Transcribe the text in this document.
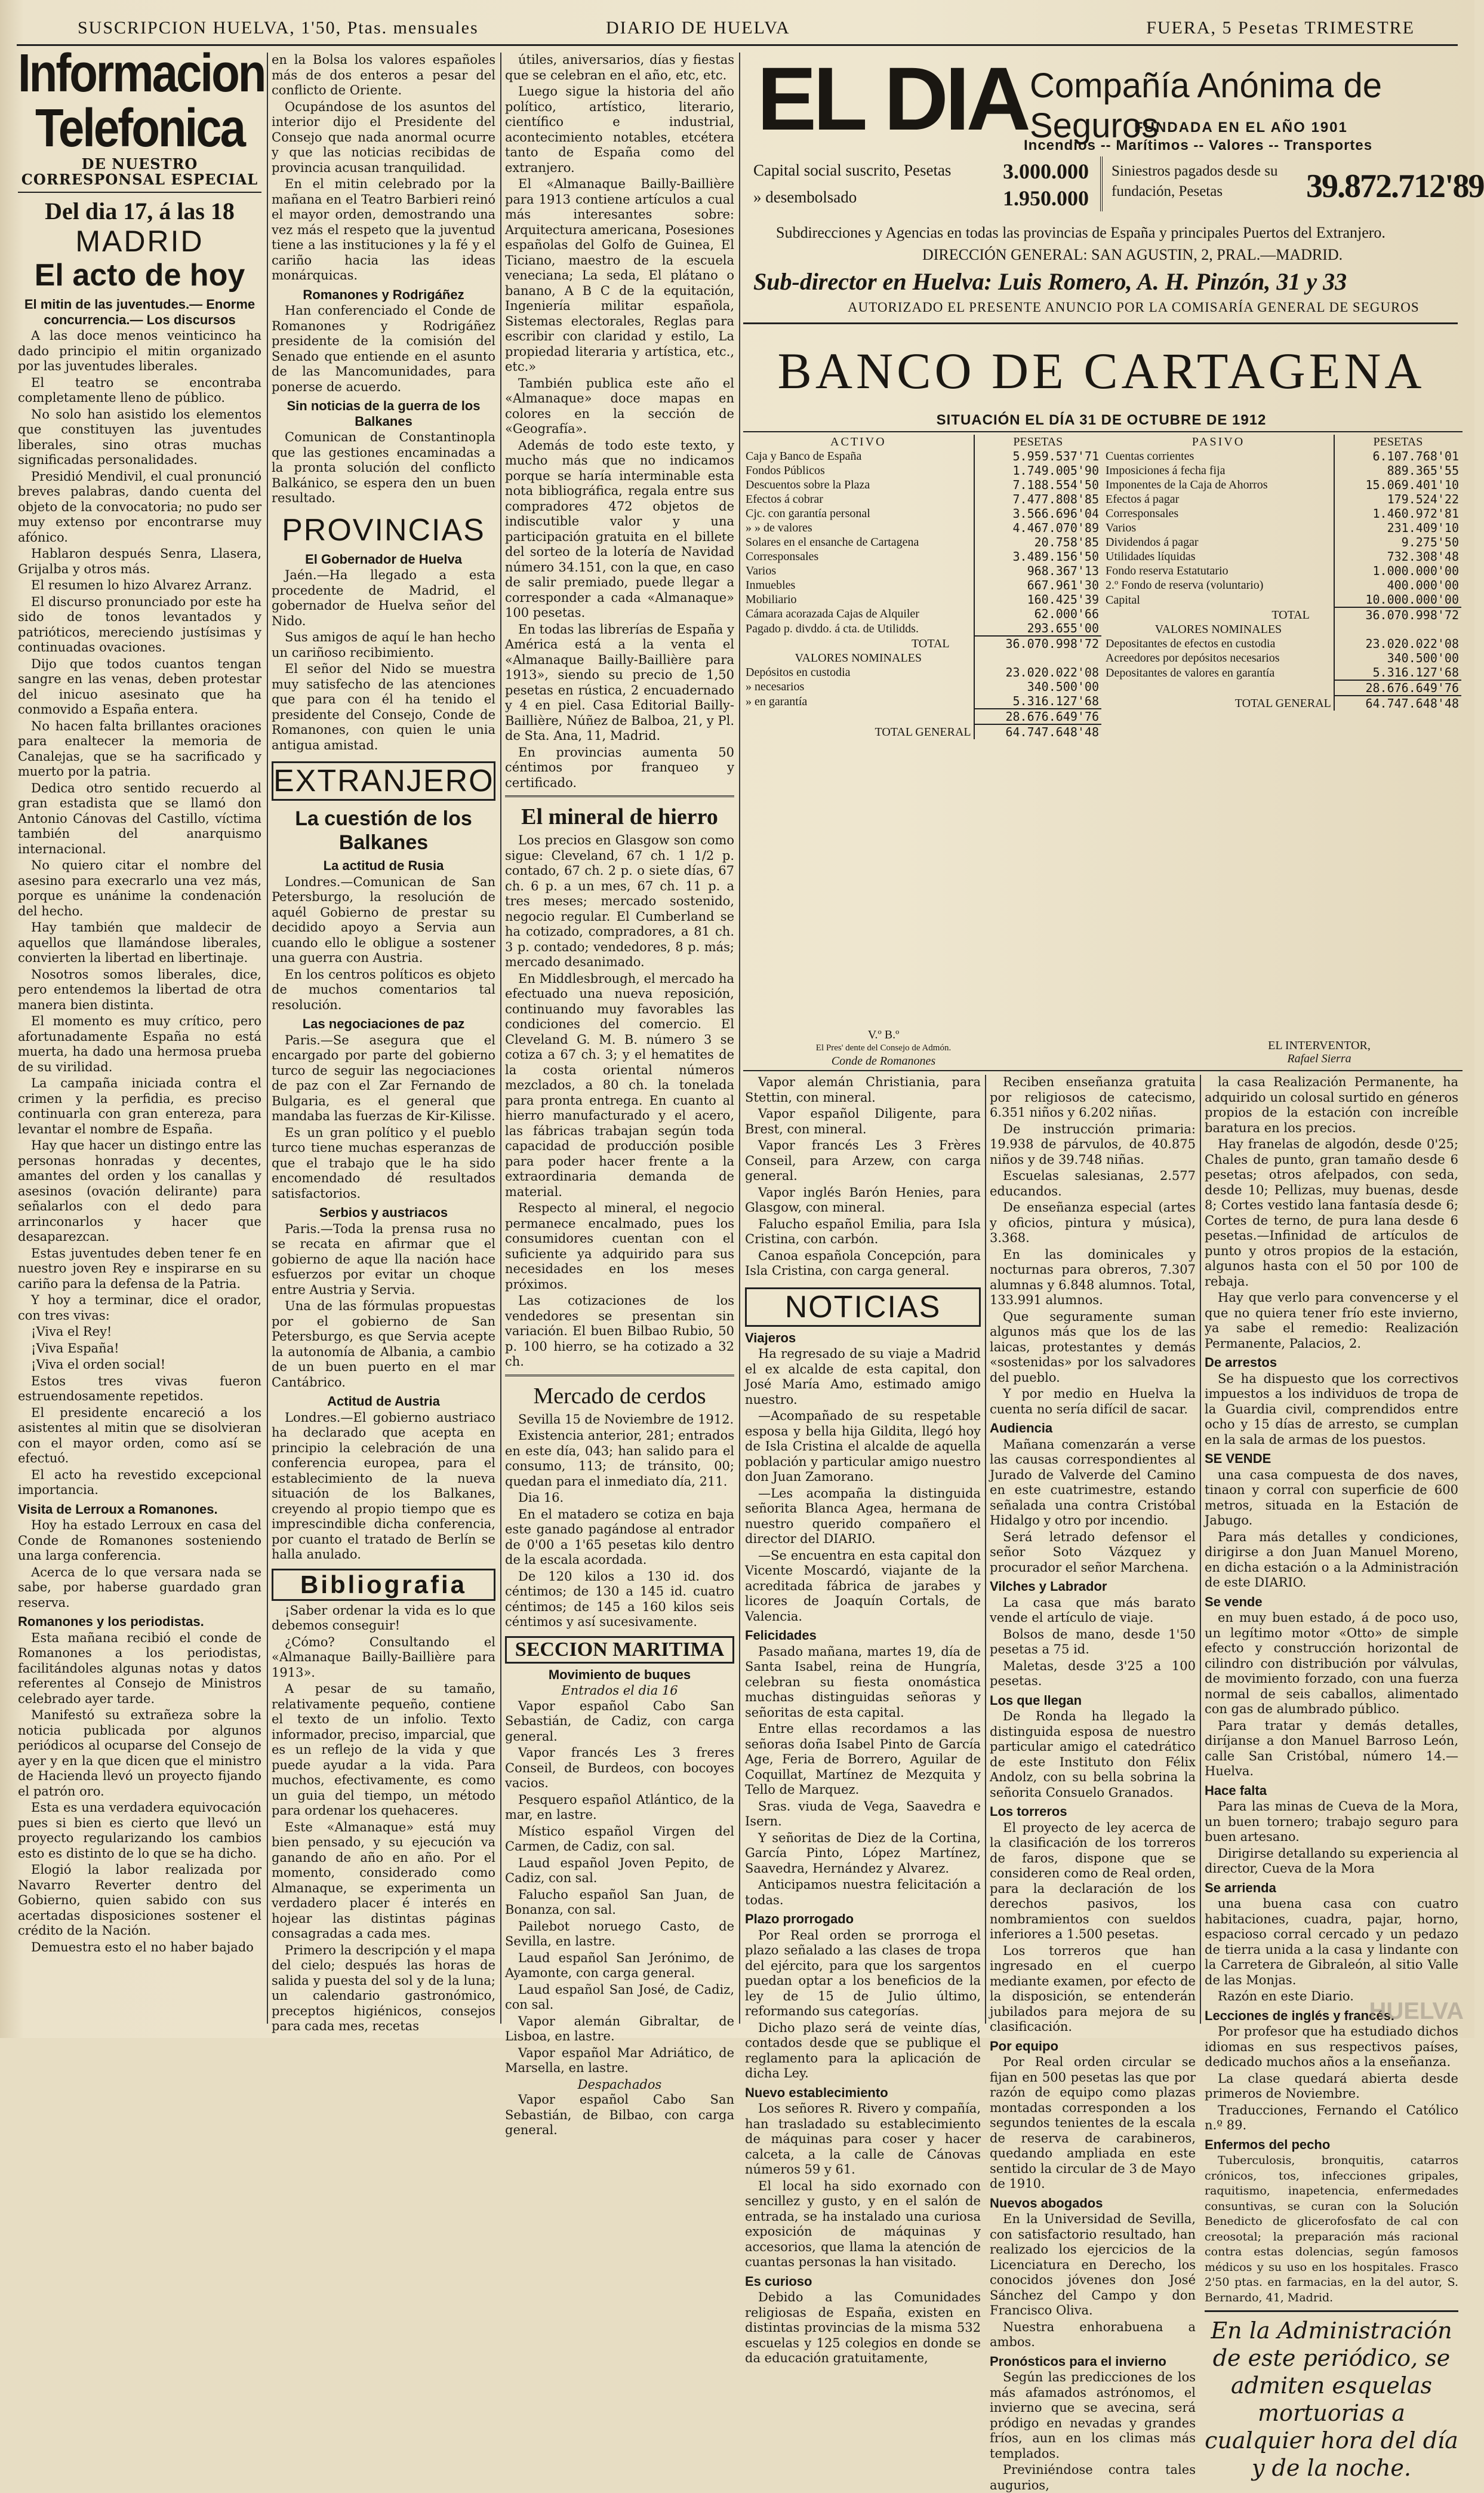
SUSCRIPCION HUELVA, 1'50, Ptas. mensuales	DIARIO DE HUELVA	FUERA, 5 Pesetas TRIMESTRE
Informacion Telefonica
DE NUESTRO CORRESPONSAL ESPECIAL
Del dia 17, á las 18
MADRID
El acto de hoy
El mitin de las juventudes.— Enorme concurrencia.— Los discursos

A las doce menos veinticinco ha dado principio el mitin organizado por las juventudes liberales.

El teatro se encontraba completamente lleno de público.

No solo han asistido los elementos que constituyen las juventudes liberales, sino otras muchas significadas personalidades.

Presidió Mendivil, el cual pronunció breves palabras, dando cuenta del objeto de la convocatoria; no pudo ser muy extenso por encontrarse muy afónico.

Hablaron después Senra, Llasera, Grijalba y otros más.

El resumen lo hizo Alvarez Arranz.

El discurso pronunciado por este ha sido de tonos levantados y patrióticos, mereciendo justísimas y continuadas ovaciones.

Dijo que todos cuantos tengan sangre en las venas, deben protestar del inicuo asesinato que ha conmovido a España entera.

No hacen falta brillantes oraciones para enaltecer la memoria de Canalejas, que se ha sacrificado y muerto por la patria.

Dedica otro sentido recuerdo al gran estadista que se llamó don Antonio Cánovas del Castillo, víctima también del anarquismo internacional.

No quiero citar el nombre del asesino para execrarlo una vez más, porque es unánime la condenación del hecho.

Hay también que maldecir de aquellos que llamándose liberales, convierten la libertad en libertinaje.

Nosotros somos liberales, dice, pero entendemos la libertad de otra manera bien distinta.

El momento es muy crítico, pero afortunadamente España no está muerta, ha dado una hermosa prueba de su virilidad.

La campaña iniciada contra el crimen y la perfidia, es preciso continuarla con gran entereza, para levantar el nombre de España.

Hay que hacer un distingo entre las personas honradas y decentes, amantes del orden y los canallas y asesinos (ovación delirante) para señalarlos con el dedo para arrinconarlos y hacer que desaparezcan.

Estas juventudes deben tener fe en nuestro joven Rey e inspirarse en su cariño para la defensa de la Patria.

Y hoy a terminar, dice el orador, con tres vivas:

¡Viva el Rey!

¡Viva España!

¡Viva el orden social!

Estos tres vivas fueron estruendosamente repetidos.

El presidente encareció a los asistentes al mitin que se disolvieran con el mayor orden, como así se efectuó.

El acto ha revestido excepcional importancia.

Visita de Lerroux a Romanones.

Hoy ha estado Lerroux en casa del Conde de Romanones sosteniendo una larga conferencia.

Acerca de lo que versara nada se sabe, por haberse guardado gran reserva.

Romanones y los periodistas.

Esta mañana recibió el conde de Romanones a los periodistas, facilitándoles algunas notas y datos referentes al Consejo de Ministros celebrado ayer tarde.

Manifestó su extrañeza sobre la noticia publicada por algunos periódicos al ocuparse del Consejo de ayer y en la que dicen que el ministro de Hacienda llevó un proyecto fijando el patrón oro.

Esta es una verdadera equivocación pues si bien es cierto que llevó un proyecto regularizando los cambios esto es distinto de lo que se ha dicho.

Elogió la labor realizada por Navarro Reverter dentro del Gobierno, quien sabido con sus acertadas disposiciones sostener el crédito de la Nación.

Demuestra esto el no haber bajado

en la Bolsa los valores españoles más de dos enteros a pesar del conflicto de Oriente.

Ocupándose de los asuntos del interior dijo el Presidente del Consejo que nada anormal ocurre y que las noticias recibidas de provincia acusan tranquilidad.

En el mitin celebrado por la mañana en el Teatro Barbieri reinó el mayor orden, demostrando una vez más el respeto que la juventud tiene a las instituciones y la fé y el cariño hacia las ideas monárquicas.

Romanones y Rodrigáñez

Han conferenciado el Conde de Romanones y Rodrigáñez presidente de la comisión del Senado que entiende en el asunto de las Mancomunidades, para ponerse de acuerdo.

Sin noticias de la guerra de los Balkanes

Comunican de Constantinopla que las gestiones encaminadas a la pronta solución del conflicto Balkánico, se espera den un buen resultado.

PROVINCIAS
El Gobernador de Huelva

Jaén.—Ha llegado a esta procedente de Madrid, el gobernador de Huelva señor del Nido.

Sus amigos de aquí le han hecho un cariñoso recibimiento.

El señor del Nido se muestra muy satisfecho de las atenciones que para con él ha tenido el presidente del Consejo, Conde de Romanones, con quien le unia antigua amistad.

EXTRANJERO
La cuestión de los Balkanes
La actitud de Rusia

Londres.—Comunican de San Petersburgo, la resolución de aquél Gobierno de prestar su decidido apoyo a Servia aun cuando ello le obligue a sostener una guerra con Austria.

En los centros políticos es objeto de muchos comentarios tal resolución.

Las negociaciones de paz

Paris.—Se asegura que el encargado por parte del gobierno turco de seguir las negociaciones de paz con el Zar Fernando de Bulgaria, es el general que mandaba las fuerzas de Kir-Kilisse.

Es un gran político y el pueblo turco tiene muchas esperanzas de que el trabajo que le ha sido encomendado dé resultados satisfactorios.

Serbios y austriacos

Paris.—Toda la prensa rusa no se recata en afirmar que el gobierno de aque lla nación hace esfuerzos por evitar un choque entre Austria y Servia.

Una de las fórmulas propuestas por el gobierno de San Petersburgo, es que Servia acepte la autonomía de Albania, a cambio de un buen puerto en el mar Cantábrico.

Actitud de Austria

Londres.—El gobierno austriaco ha declarado que acepta en principio la celebración de una conferencia europea, para el establecimiento de la nueva situación de los Balkanes, creyendo al propio tiempo que es imprescindible dicha conferencia, por cuanto el tratado de Berlín se halla anulado.

Bibliografia

¡Saber ordenar la vida es lo que debemos conseguir!

¿Cómo? Consultando el «Almanaque Bailly-Baillière para 1913».

A pesar de su tamaño, relativamente pequeño, contiene el texto de un infolio. Texto informador, preciso, imparcial, que es un reflejo de la vida y que puede ayudar a la vida. Para muchos, efectivamente, es como un guia del tiempo, un método para ordenar los quehaceres.

Este «Almanaque» está muy bien pensado, y su ejecución va ganando de año en año. Por el momento, considerado como Almanaque, se experimenta un verdadero placer é interés en hojear las distintas páginas consagradas a cada mes.

Primero la descripción y el mapa del cielo; después las horas de salida y puesta del sol y de la luna; un calendario gastronómico, preceptos higiénicos, consejos para cada mes, recetas

útiles, aniversarios, días y fiestas que se celebran en el año, etc, etc.

Luego sigue la historia del año político, artístico, literario, científico e industrial, acontecimiento notables, etcétera tanto de España como del extranjero.

El «Almanaque Bailly-Baillière para 1913 contiene artículos a cual más interesantes sobre: Arquitectura americana, Posesiones españolas del Golfo de Guinea, El Ticiano, maestro de la escuela veneciana; La seda, El plátano o banano, A B C de la equitación, Ingeniería militar española, Sistemas electorales, Reglas para escribir con claridad y estilo, La propiedad literaria y artística, etc., etc.»

También publica este año el «Almanaque» doce mapas en colores en la sección de «Geografía».

Además de todo este texto, y mucho más que no indicamos porque se haría interminable esta nota bibliográfica, regala entre sus compradores 472 objetos de indiscutible valor y una participación gratuita en el billete del sorteo de la lotería de Navidad número 34.151, con la que, en caso de salir premiado, puede llegar a corresponder a cada «Almanaque» 100 pesetas.

En todas las librerías de España y América está a la venta el «Almanaque Bailly-Baillière para 1913», siendo su precio de 1,50 pesetas en rústica, 2 encuadernado y 4 en piel. Casa Editorial Bailly-Baillière, Núñez de Balboa, 21, y Pl. de Sta. Ana, 11, Madrid.

En provincias aumenta 50 céntimos por franqueo y certificado.

El mineral de hierro

Los precios en Glasgow son como sigue: Cleveland, 67 ch. 1 1/2 p. contado, 67 ch. 2 p. o siete días, 67 ch. 6 p. a un mes, 67 ch. 11 p. a tres meses; mercado sostenido, negocio regular. El Cumberland se ha cotizado, compradores, a 81 ch. 3 p. contado; vendedores, 8 p. más; mercado desanimado.

En Middlesbrough, el mercado ha efectuado una nueva reposición, continuando muy favorables las condiciones del comercio. El Cleveland G. M. B. número 3 se cotiza a 67 ch. 3; y el hematites de la costa oriental números mezclados, a 80 ch. la tonelada para pronta entrega. En cuanto al hierro manufacturado y el acero, las fábricas trabajan según toda capacidad de producción posible para poder hacer frente a la extraordinaria demanda de material.

Respecto al mineral, el negocio permanece encalmado, pues los consumidores cuentan con el suficiente ya adquirido para sus necesidades en los meses próximos.

Las cotizaciones de los vendedores se presentan sin variación. El buen Bilbao Rubio, 50 p. 100 hierro, se ha cotizado a 32 ch.

Mercado de cerdos

Sevilla 15 de Noviembre de 1912.

Existencia anterior, 281; entrados en este día, 043; han salido para el consumo, 113; de tránsito, 00; quedan para el inmediato día, 211.

Dia 16.

En el matadero se cotiza en baja este ganado pagándose al entrador de 0'00 a 1'65 pesetas kilo dentro de la escala acordada.

De 120 kilos a 130 id. dos céntimos; de 130 a 145 id. cuatro céntimos; de 145 a 160 kilos seis céntimos y así sucesivamente.

SECCION MARITIMA
Movimiento de buques
Entrados el dia 16

Vapor español Cabo San Sebastián, de Cadiz, con carga general.

Vapor francés Les 3 freres Conseil, de Burdeos, con bocoyes vacios.

Pesquero español Atlántico, de la mar, en lastre.

Místico español Virgen del Carmen, de Cadiz, con sal.

Laud español Joven Pepito, de Cadiz, con sal.

Falucho español San Juan, de Bonanza, con sal.

Pailebot noruego Casto, de Sevilla, en lastre.

Laud español San Jerónimo, de Ayamonte, con carga general.

Laud español San José, de Cadiz, con sal.

Vapor alemán Gibraltar, de Lisboa, en lastre.

Vapor español Mar Adriático, de Marsella, en lastre.

Despachados

Vapor español Cabo San Sebastián, de Bilbao, con carga general.

EL DIA Compañía Anónima de Seguros
FUNDADA EN EL AÑO 1901
Incendios -- Marítimos -- Valores -- Transportes
Capital social suscrito, Pesetas 3.000.000
» desembolsado	1.950.000
Siniestros pagados desde su fundación, Pesetas	39.872.712'89
Subdirecciones y Agencias en todas las provincias de España y principales Puertos del Extranjero.
DIRECCIÓN GENERAL: SAN AGUSTIN, 2, PRAL.—MADRID.
Sub-director en Huelva: Luis Romero, A. H. Pinzón, 31 y 33
AUTORIZADO EL PRESENTE ANUNCIO POR LA COMISARÍA GENERAL DE SEGUROS
BANCO DE CARTAGENA
SITUACIÓN EL DÍA 31 DE OCTUBRE DE 1912
ACTIVO	PESETAS
Caja y Banco de España	5.959.537'71
Fondos Públicos	1.749.005'90
Descuentos sobre la Plaza	7.188.554'50
Efectos á cobrar	7.477.808'85
Cjc. con garantía personal	3.566.696'04
» » de valores	4.467.070'89
Solares en el ensanche de Cartagena	20.758'85
Corresponsales	3.489.156'50
Varios	968.367'13
Inmuebles	667.961'30
Mobiliario	160.425'39
Cámara acorazada Cajas de Alquiler	62.000'66
Pagado p. divddo. á cta. de Utilidds.	293.655'00
TOTAL	36.070.998'72
VALORES NOMINALES	
Depósitos en custodia	23.020.022'08
» necesarios	340.500'00
» en garantía	5.316.127'68
	28.676.649'76
TOTAL GENERAL	64.747.648'48
PASIVO	PESETAS
Cuentas corrientes	6.107.768'01
Imposiciones á fecha fija	889.365'55
Imponentes de la Caja de Ahorros	15.069.401'10
Efectos á pagar	179.524'22
Corresponsales	1.460.972'81
Varios	231.409'10
Dividendos á pagar	9.275'50
Utilidades líquidas	732.308'48
Fondo reserva Estatutario	1.000.000'00
2.º Fondo de reserva (voluntario)	400.000'00
Capital	10.000.000'00
TOTAL	36.070.998'72
VALORES NOMINALES	
Depositantes de efectos en custodia	23.020.022'08
Acreedores por depósitos necesarios	340.500'00
Depositantes de valores en garantía	5.316.127'68
	28.676.649'76
TOTAL GENERAL	64.747.648'48
V.º B.º
El Pres' dente del Consejo de Admón.
Conde de Romanones
EL INTERVENTOR,
Rafael Sierra

Vapor alemán Christiania, para Stettin, con mineral.

Vapor español Diligente, para Brest, con mineral.

Vapor francés Les 3 Frères Conseil, para Arzew, con carga general.

Vapor inglés Barón Henies, para Glasgow, con mineral.

Falucho español Emilia, para Isla Cristina, con carbón.

Canoa española Concepción, para Isla Cristina, con carga general.

NOTICIAS
Viajeros

Ha regresado de su viaje a Madrid el ex alcalde de esta capital, don José María Amo, estimado amigo nuestro.

—Acompañado de su respetable esposa y bella hija Gildita, llegó hoy de Isla Cristina el alcalde de aquella población y particular amigo nuestro don Juan Zamorano.

—Les acompaña la distinguida señorita Blanca Agea, hermana de nuestro querido compañero el director del DIARIO.

—Se encuentra en esta capital don Vicente Moscardó, viajante de la acreditada fábrica de jarabes y licores de Joaquín Cortals, de Valencia.

Felicidades

Pasado mañana, martes 19, día de Santa Isabel, reina de Hungría, celebran su fiesta onomástica muchas distinguidas señoras y señoritas de esta capital.

Entre ellas recordamos a las señoras doña Isabel Pinto de García Age, Feria de Borrero, Aguilar de Coquillat, Martínez de Mezquita y Tello de Marquez.

Sras. viuda de Vega, Saavedra e Isern.

Y señoritas de Diez de la Cortina, García Pinto, López Martínez, Saavedra, Hernández y Alvarez.

Anticipamos nuestra felicitación a todas.

Plazo prorrogado

Por Real orden se prorroga el plazo señalado a las clases de tropa del ejército, para que los sargentos puedan optar a los beneficios de la ley de 15 de Julio último, reformando sus categorías.

Dicho plazo será de veinte días, contados desde que se publique el reglamento para la aplicación de dicha Ley.

Nuevo establecimiento

Los señores R. Rivero y compañía, han trasladado su establecimiento de máquinas para coser y hacer calceta, a la calle de Cánovas números 59 y 61.

El local ha sido exornado con sencillez y gusto, y en el salón de entrada, se ha instalado una curiosa exposición de máquinas y accesorios, que llama la atención de cuantas personas la han visitado.

Es curioso

Debido a las Comunidades religiosas de España, existen en distintas provincias de la misma 532 escuelas y 125 colegios en donde se da educación gratuitamente,

Reciben enseñanza gratuita por religiosos de catecismo, 6.351 niños y 6.202 niñas.

De instrucción primaria: 19.938 de párvulos, de 40.875 niños y de 39.748 niñas.

Escuelas salesianas, 2.577 educandos.

De enseñanza especial (artes y oficios, pintura y música), 3.368.

En las dominicales y nocturnas para obreros, 7.307 alumnas y 6.848 alumnos. Total, 133.991 alumnos.

Que seguramente suman algunos más que los de las laicas, protestantes y demás «sostenidas» por los salvadores del pueblo.

Y por medio en Huelva la cuenta no sería difícil de sacar.

Audiencia

Mañana comenzarán a verse las causas correspondientes al Jurado de Valverde del Camino en este cuatrimestre, estando señalada una contra Cristóbal Hidalgo y otro por incendio.

Será letrado defensor el señor Soto Vázquez y procurador el señor Marchena.

Vilches y Labrador

La casa que más barato vende el artículo de viaje.

Bolsos de mano, desde 1'50 pesetas a 75 id.

Maletas, desde 3'25 a 100 pesetas.

Los que llegan

De Ronda ha llegado la distinguida esposa de nuestro particular amigo el catedrático de este Instituto don Félix Andolz, con su bella sobrina la señorita Consuelo Granados.

Los torreros

El proyecto de ley acerca de la clasificación de los torreros de faros, dispone que se consideren como de Real orden, para la declaración de los derechos pasivos, los nombramientos con sueldos inferiores a 1.500 pesetas.

Los torreros que han ingresado en el cuerpo mediante examen, por efecto de la disposición, se entenderán jubilados para mejora de su clasificación.

Por equipo

Por Real orden circular se fijan en 500 pesetas las que por razón de equipo como plazas montadas corresponden a los segundos tenientes de la escala de reserva de carabineros, quedando ampliada en este sentido la circular de 3 de Mayo de 1910.

Nuevos abogados

En la Universidad de Sevilla, con satisfactorio resultado, han realizado los ejercicios de la Licenciatura en Derecho, los conocidos jóvenes don José Sánchez del Campo y don Francisco Oliva.

Nuestra enhorabuena a ambos.

Pronósticos para el invierno

Según las predicciones de los más afamados astrónomos, el invierno que se avecina, será pródigo en nevadas y grandes fríos, aun en los climas más templados.

Previniéndose contra tales augurios,

la casa Realización Permanente, ha adquirido un colosal surtido en géneros propios de la estación con increíble baratura en los precios.

Hay franelas de algodón, desde 0'25; Chales de punto, gran tamaño desde 6 pesetas; otros afelpados, con seda, desde 10; Pellizas, muy buenas, desde 8; Cortes vestido lana fantasía desde 6; Cortes de terno, de pura lana desde 6 pesetas.—Infinidad de artículos de punto y otros propios de la estación, algunos hasta con el 50 por 100 de rebaja.

Hay que verlo para convencerse y el que no quiera tener frío este invierno, ya sabe el remedio: Realización Permanente, Palacios, 2.

De arrestos

Se ha dispuesto que los correctivos impuestos a los individuos de tropa de la Guardia civil, comprendidos entre ocho y 15 días de arresto, se cumplan en la sala de armas de los puestos.

SE VENDE

una casa compuesta de dos naves, tinaon y corral con superficie de 600 metros, situada en la Estación de Jabugo.

Para más detalles y condiciones, dirigirse a don Juan Manuel Moreno, en dicha estación o a la Administración de este DIARIO.

Se vende

en muy buen estado, á de poco uso, un legítimo motor «Otto» de simple efecto y construcción horizontal de cilindro con distribución por válvulas, de movimiento forzado, con una fuerza normal de seis caballos, alimentado con gas de alumbrado público.

Para tratar y demás detalles, diríjanse a don Manuel Barroso León, calle San Cristóbal, número 14.—Huelva.

Hace falta

Para las minas de Cueva de la Mora, un buen tornero; trabajo seguro para buen artesano.

Dirigirse detallando su experiencia al director, Cueva de la Mora

Se arrienda

una buena casa con cuatro habitaciones, cuadra, pajar, horno, espacioso corral cercado y un pedazo de tierra unida a la casa y lindante con la Carretera de Gibraleón, al sitio Valle de las Monjas.

Razón en este Diario.

Lecciones de inglés y francés.

Por profesor que ha estudiado dichos idiomas en sus respectivos países, dedicado muchos años a la enseñanza.

La clase quedará abierta desde primeros de Noviembre.

Traducciones, Fernando el Católico n.º 89.

Enfermos del pecho

Tuberculosis, bronquitis, catarros crónicos, tos, infecciones gripales, raquitismo, inapetencia, enfermedades consuntivas, se curan con la Solución Benedicto de glicerofosfato de cal con creosotal; la preparación más racional contra estas dolencias, según famosos médicos y su uso en los hospitales. Frasco 2'50 ptas. en farmacias, en la del autor, S. Bernardo, 41, Madrid.

En la Administración de este periódico, se admiten esquelas mortuorias a cualquier hora del día y de la noche.
HUELVA
